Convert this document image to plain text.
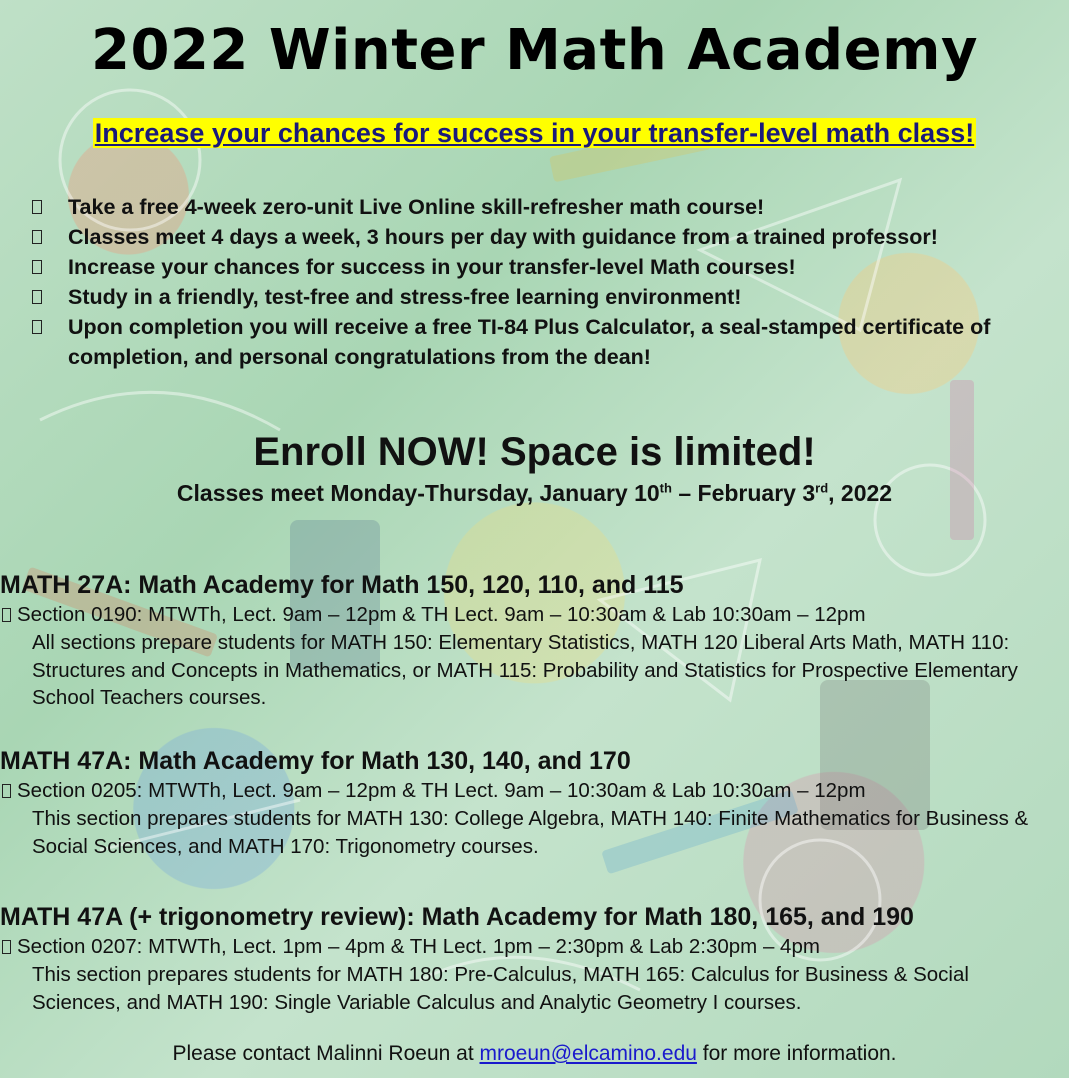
2022 Winter Math Academy
Increase your chances for success in your transfer-level math class!
Take a free 4-week zero-unit Live Online skill-refresher math course!
Classes meet 4 days a week, 3 hours per day with guidance from a trained professor!
Increase your chances for success in your transfer-level Math courses!
Study in a friendly, test-free and stress-free learning environment!
Upon completion you will receive a free TI-84 Plus Calculator, a seal-stamped certificate of completion, and personal congratulations from the dean!
Enroll NOW! Space is limited!
Classes meet Monday-Thursday, January 10th – February 3rd, 2022
MATH 27A: Math Academy for Math 150, 120, 110, and 115
Section 0190: MTWTh, Lect. 9am – 12pm & TH Lect. 9am – 10:30am & Lab 10:30am – 12pm
All sections prepare students for MATH 150: Elementary Statistics, MATH 120 Liberal Arts Math, MATH 110: Structures and Concepts in Mathematics, or MATH 115: Probability and Statistics for Prospective Elementary School Teachers courses.
MATH 47A: Math Academy for Math 130, 140, and 170
Section 0205: MTWTh, Lect. 9am – 12pm & TH Lect. 9am – 10:30am & Lab 10:30am – 12pm
This section prepares students for MATH 130: College Algebra, MATH 140: Finite Mathematics for Business & Social Sciences, and MATH 170: Trigonometry courses.
MATH 47A (+ trigonometry review): Math Academy for Math 180, 165, and 190
Section 0207: MTWTh, Lect. 1pm – 4pm & TH Lect. 1pm – 2:30pm & Lab 2:30pm – 4pm
This section prepares students for MATH 180: Pre-Calculus, MATH 165: Calculus for Business & Social Sciences, and MATH 190: Single Variable Calculus and Analytic Geometry I courses.
Please contact Malinni Roeun at mroeun@elcamino.edu for more information.
